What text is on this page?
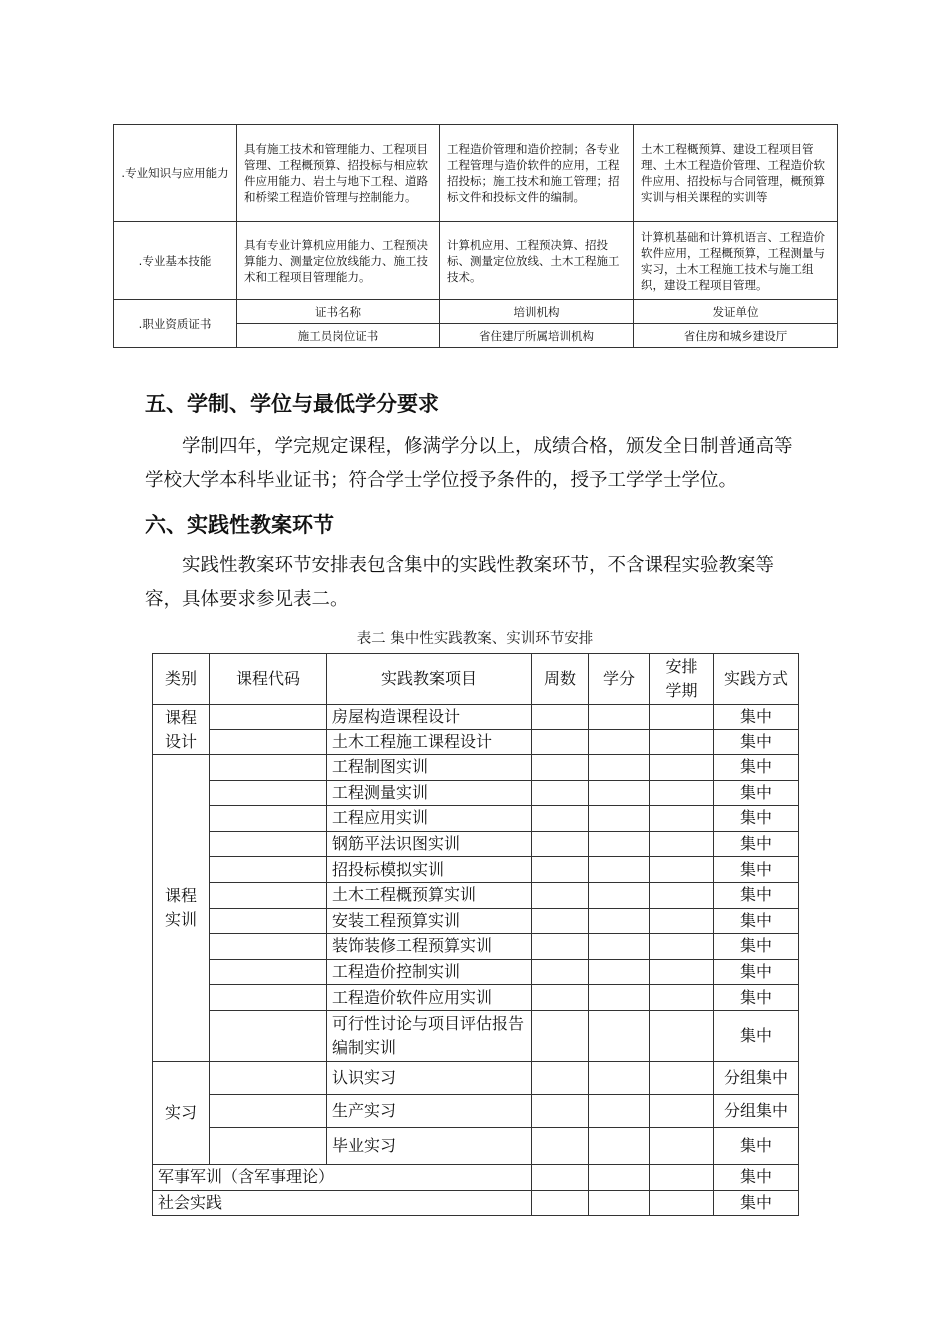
.专业知识与应用能力	具有施工技术和管理能力、工程项目管理、工程概预算、招投标与相应软件应用能力、岩土与地下工程、道路和桥梁工程造价管理与控制能力。	工程造价管理和造价控制；各专业工程管理与造价软件的应用，工程招投标；施工技术和施工管理；招标文件和投标文件的编制。	土木工程概预算、建设工程项目管理、土木工程造价管理、工程造价软件应用、招投标与合同管理，概预算实训与相关课程的实训等
.专业基本技能	具有专业计算机应用能力、工程预决算能力、测量定位放线能力、施工技术和工程项目管理能力。	计算机应用、工程预决算、招投标、测量定位放线、土木工程施工技术。	计算机基础和计算机语言、工程造价软件应用，工程概预算，工程测量与实习，土木工程施工技术与施工组织，建设工程项目管理。
.职业资质证书	证书名称	培训机构	发证单位
	施工员岗位证书	省住建厅所属培训机构	省住房和城乡建设厅
五、学制、学位与最低学分要求
学制四年，学完规定课程，修满学分以上，成绩合格，颁发全日制普通高等学校大学本科毕业证书；符合学士学位授予条件的，授予工学学士学位。
六、实践性教案环节
实践性教案环节安排表包含集中的实践性教案环节，不含课程实验教案等容，具体要求参见表二。
表二 集中性实践教案、实训环节安排
类别	课程代码	实践教案项目	周数	学分	安排学期	实践方式
课程设计		房屋构造课程设计				集中
		土木工程施工课程设计				集中
课程实训		工程制图实训				集中
		工程测量实训				集中
		工程应用实训				集中
		钢筋平法识图实训				集中
		招投标模拟实训				集中
		土木工程概预算实训				集中
		安装工程预算实训				集中
		装饰装修工程预算实训				集中
		工程造价控制实训				集中
		工程造价软件应用实训				集中
		可行性讨论与项目评估报告编制实训				集中
实习		认识实习				分组集中
		生产实习				分组集中
		毕业实习				集中
军事军训（含军事理论）						集中
社会实践						集中
